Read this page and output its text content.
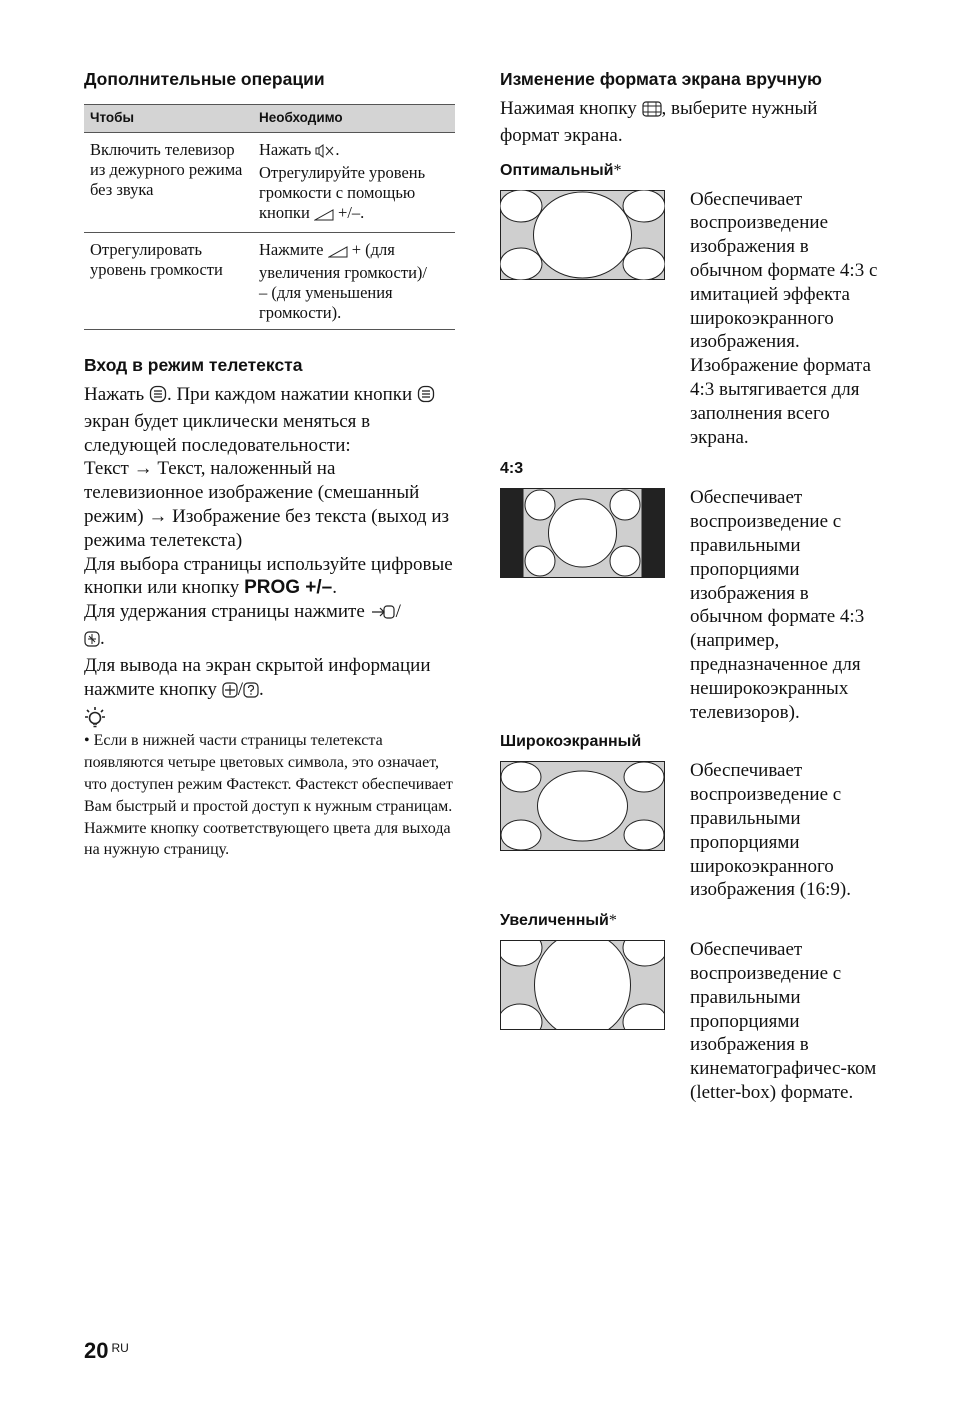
Дополнительные операции
Чтобы	Необходимо
Включить телевизор из дежурного режима без звука	Нажать . Отрегулируйте уровень громкости с помощью кнопки  +/–.
Отрегулировать уровень громкости	Нажмите  + (для увеличения громкости)/
– (для уменьшения громкости).
Вход в режим телетекста

Нажать . При каждом нажатии кнопки  экран будет циклически меняться в следующей последовательности:

Текст → Текст, наложенный на телевизионное изображение (смешанный режим) → Изображение без текста (выход из режима телетекста)

Для выбора страницы используйте цифровые кнопки или кнопку PROG +/–.

Для удержания страницы нажмите /
.

Для вывода на экран скрытой информации нажмите кнопку / .

• Если в нижней части страницы телетекста появляются четыре цветовых символа, это означает, что доступен режим Фастекст. Фастекст обеспечивает Вам быстрый и простой доступ к нужным страницам. Нажмите кнопку соответствующего цвета для выхода на нужную страницу.
Изменение формата экрана вручную
Нажимая кнопку , выберите нужный формат экрана.
Оптимальный*
Обеспечивает воспроизведение изображения в обычном формате 4:3 с имитацией эффекта широкоэкранного изображения. Изображение формата 4:3 вытягивается для заполнения всего экрана.
4:3
Обеспечивает воспроизведение с правильными пропорциями изображения в обычном формате 4:3 (например, предназначенное для неширокоэкранных телевизоров).
Широкоэкранный
Обеспечивает воспроизведение с правильными пропорциями широкоэкранного изображения (16:9).
Увеличенный*
Обеспечивает воспроизведение с правильными пропорциями изображения в кинематографичес-ком (letter-box) формате.
20 $^{RU}$
